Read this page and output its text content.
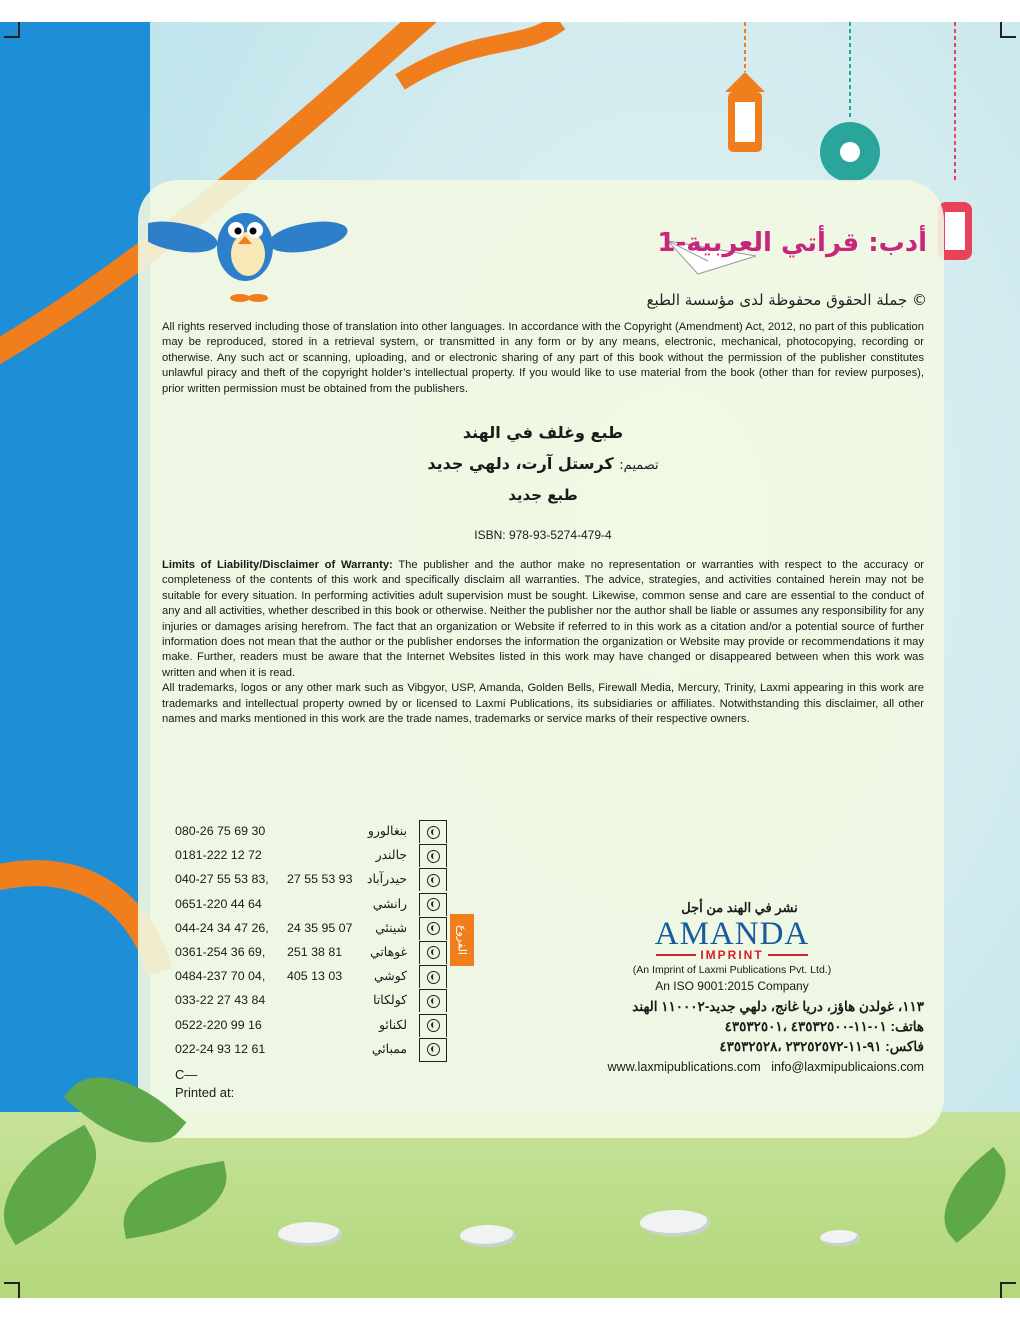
أدب: قرأتي العربية-1
© جملة الحقوق محفوظة لدى مؤسسة الطبع
All rights reserved including those of translation into other languages. In accordance with the Copyright (Amendment) Act, 2012, no part of this publication may be reproduced, stored in a retrieval system, or transmitted in any form or by any means, electronic, mechanical, photocopying, recording or otherwise. Any such act or scanning, uploading, and or electronic sharing of any part of this book without the permission of the publisher constitutes unlawful piracy and theft of the copyright holder’s intellectual property. If you would like to use material from the book (other than for review purposes), prior written permission must be obtained from the publishers.
طبع وغلف في الهند
تصميم: كرستل آرت، دلهي جديد
طبع جديد
ISBN: 978-93-5274-479-4
Limits of Liability/Disclaimer of Warranty: The publisher and the author make no representation or warranties with respect to the accuracy or completeness of the contents of this work and specifically disclaim all warranties. The advice, strategies, and activities contained herein may not be suitable for every situation. In performing activities adult supervision must be sought. Likewise, common sense and care are essential to the conduct of any and all activities, whether described in this book or otherwise. Neither the publisher nor the author shall be liable or assumes any responsibility for any injuries or damages arising herefrom. The fact that an organization or Website if referred to in this work as a citation and/or a potential source of further information does not mean that the author or the publisher endorses the information the organization or Website may provide or recommendations it may make. Further, readers must be aware that the Internet Websites listed in this work may have changed or disappeared between when this work was written and when it is read.
All trademarks, logos or any other mark such as Vibgyor, USP, Amanda, Golden Bells, Firewall Media, Mercury, Trinity, Laxmi appearing in this work are trademarks and intellectual property owned by or licensed to Laxmi Publications, its subsidiaries or affiliates. Notwithstanding this disclaimer, all other names and marks mentioned in this work are the trade names, trademarks or service marks of their respective owners.
080-26 75 69 30	بنغالورو
0181-222 12 72	جالندر
040-27 55 53 83, 27 55 53 93 حيدرآباد
0651-220 44 64	رانشي
044-24 34 47 26, 24 35 95 07 شينئي
0361-254 36 69, 251 38 81 غوهاتي
0484-237 70 04, 405 13 03	كوشي
033-22 27 43 84	كولكاتا
0522-220 99 16	لكنائو
022-24 93 12 61	ممبائي
الفروع
C—
Printed at:
نشر في الهند من أجل
AMANDA
IMPRINT
(An Imprint of Laxmi Publications Pvt. Ltd.)
An ISO 9001:2015 Company
١١٣، غولدن هاؤز، دريا غانج، دلهي جديد-١١٠٠٠٢ الهند
هاتف: ٠١-١١-٤٣٥٣٢٥٠٠ ،٤٣٥٣٢٥٠١
فاكس: ٩١-١١-٢٣٢٥٢٥٧٢ ،٤٣٥٣٢٥٢٨
www.laxmipublications.com info@laxmipublicaions.com
